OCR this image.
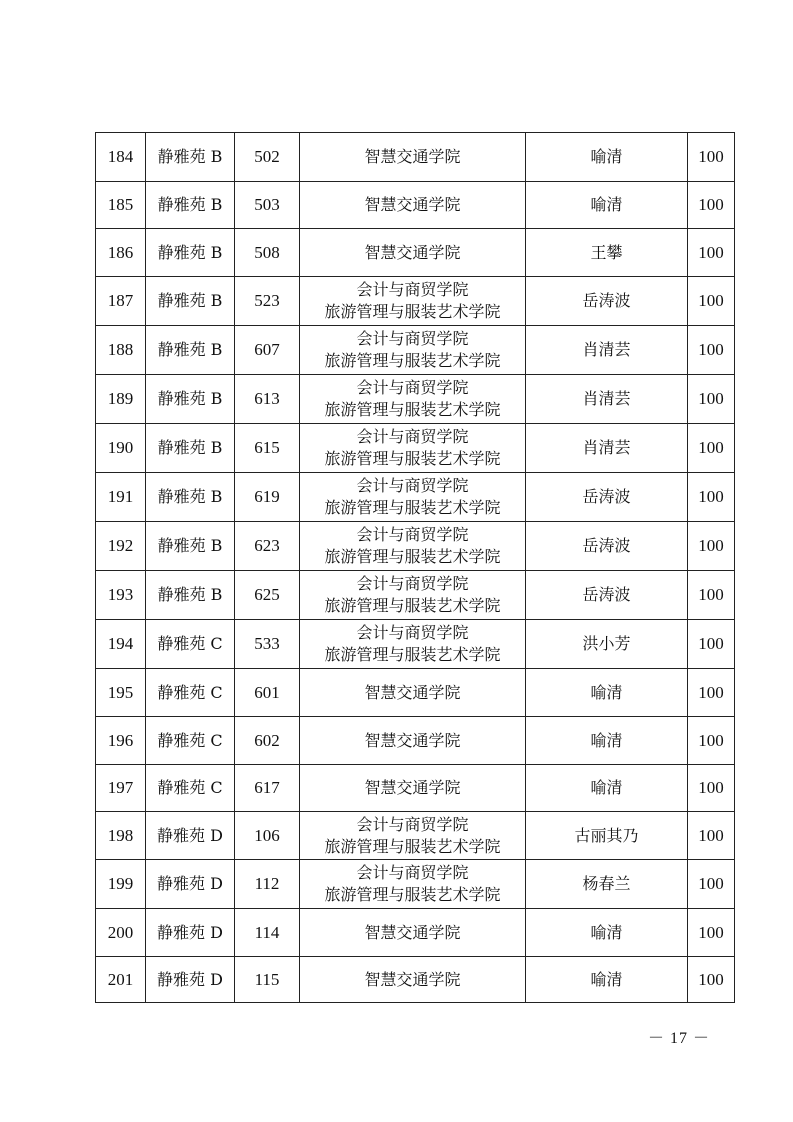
184	静雅苑 B	502	智慧交通学院	喻清	100
185	静雅苑 B	503	智慧交通学院	喻清	100
186	静雅苑 B	508	智慧交通学院	王攀	100
187	静雅苑 B	523	会计与商贸学院
旅游管理与服装艺术学院	岳涛波	100
188	静雅苑 B	607	会计与商贸学院
旅游管理与服装艺术学院	肖清芸	100
189	静雅苑 B	613	会计与商贸学院
旅游管理与服装艺术学院	肖清芸	100
190	静雅苑 B	615	会计与商贸学院
旅游管理与服装艺术学院	肖清芸	100
191	静雅苑 B	619	会计与商贸学院
旅游管理与服装艺术学院	岳涛波	100
192	静雅苑 B	623	会计与商贸学院
旅游管理与服装艺术学院	岳涛波	100
193	静雅苑 B	625	会计与商贸学院
旅游管理与服装艺术学院	岳涛波	100
194	静雅苑 C	533	会计与商贸学院
旅游管理与服装艺术学院	洪小芳	100
195	静雅苑 C	601	智慧交通学院	喻清	100
196	静雅苑 C	602	智慧交通学院	喻清	100
197	静雅苑 C	617	智慧交通学院	喻清	100
198	静雅苑 D	106	会计与商贸学院
旅游管理与服装艺术学院	古丽其乃	100
199	静雅苑 D	112	会计与商贸学院
旅游管理与服装艺术学院	杨春兰	100
200	静雅苑 D	114	智慧交通学院	喻清	100
201	静雅苑 D	115	智慧交通学院	喻清	100
－ 17 －
